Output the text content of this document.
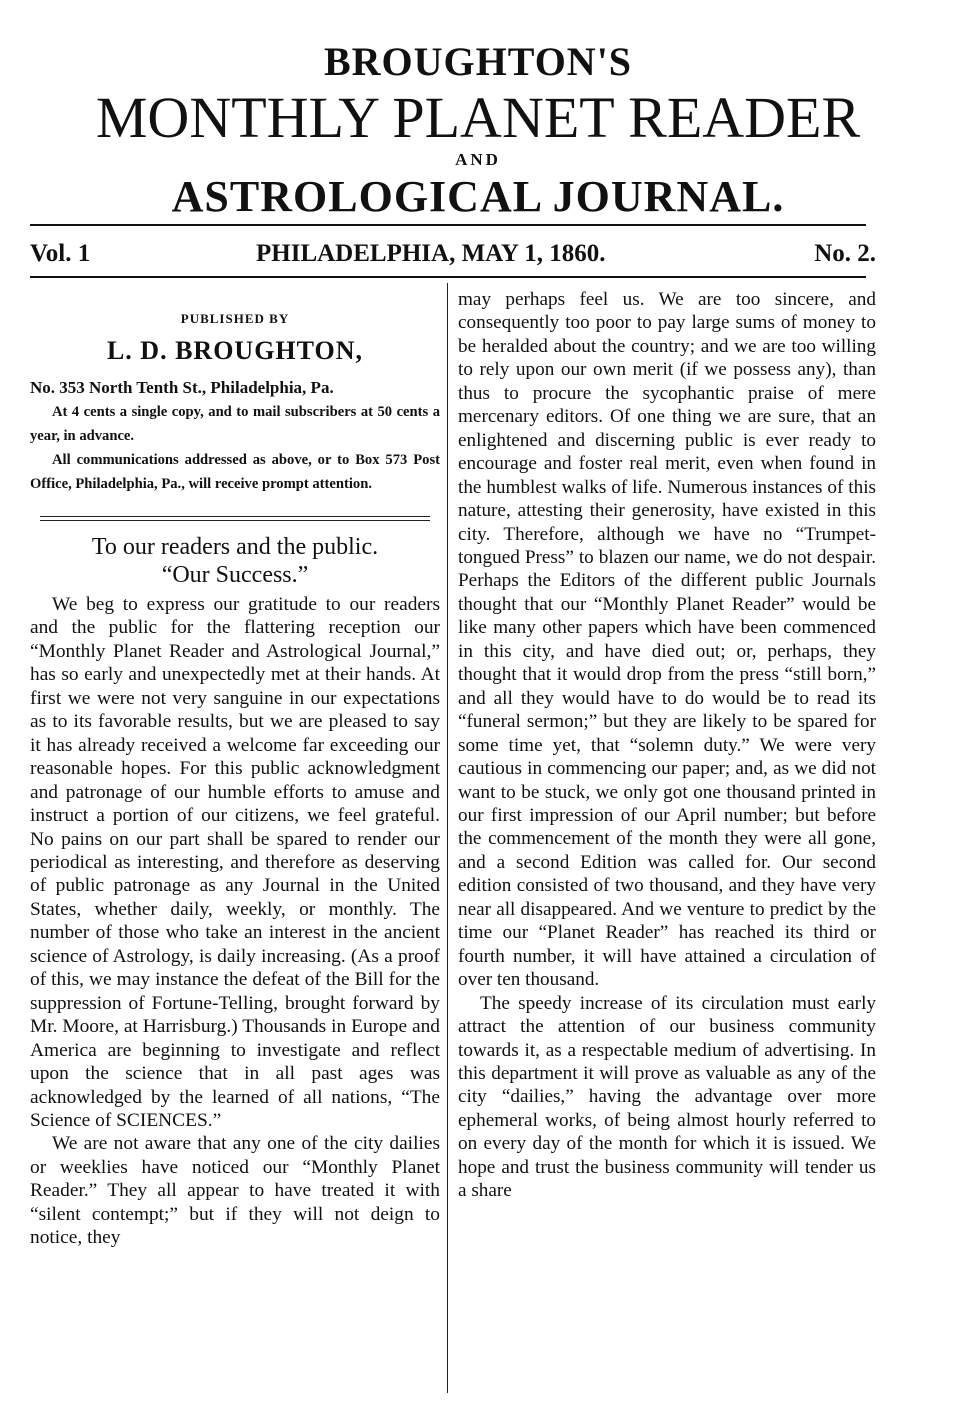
BROUGHTON'S
MONTHLY PLANET READER
AND
ASTROLOGICAL JOURNAL.
Vol. 1	PHILADELPHIA, MAY 1, 1860.	No. 2.
PUBLISHED BY
L. D. BROUGHTON,
No. 353 North Tenth St., Philadelphia, Pa.
At 4 cents a single copy, and to mail subscribers at 50 cents a year, in advance.
All communications addressed as above, or to Box 573 Post Office, Philadelphia, Pa., will receive prompt attention.
To our readers and the public.
“Our Success.”

We beg to express our gratitude to our readers and the public for the flattering reception our “Monthly Planet Reader and Astrological Journal,” has so early and unexpectedly met at their hands. At first we were not very sanguine in our expectations as to its favorable results, but we are pleased to say it has already received a welcome far exceeding our reasonable hopes. For this public acknowledgment and patronage of our humble efforts to amuse and instruct a portion of our citizens, we feel grateful. No pains on our part shall be spared to render our periodical as interesting, and therefore as deserving of public patronage as any Journal in the United States, whether daily, weekly, or monthly. The number of those who take an interest in the ancient science of Astrology, is daily increasing. (As a proof of this, we may instance the defeat of the Bill for the suppression of Fortune-Telling, brought forward by Mr. Moore, at Harrisburg.) Thousands in Europe and America are beginning to investigate and reflect upon the science that in all past ages was acknowledged by the learned of all nations, “The Science of SCIENCES.”

We are not aware that any one of the city dailies or weeklies have noticed our “Monthly Planet Reader.” They all appear to have treated it with “silent contempt;” but if they will not deign to notice, they

may perhaps feel us. We are too sincere, and consequently too poor to pay large sums of money to be heralded about the country; and we are too willing to rely upon our own merit (if we possess any), than thus to procure the sycophantic praise of mere mercenary editors. Of one thing we are sure, that an enlightened and discerning public is ever ready to encourage and foster real merit, even when found in the humblest walks of life. Numerous instances of this nature, attesting their generosity, have existed in this city. Therefore, although we have no “Trumpet-tongued Press” to blazen our name, we do not despair. Perhaps the Editors of the different public Journals thought that our “Monthly Planet Reader” would be like many other papers which have been commenced in this city, and have died out; or, perhaps, they thought that it would drop from the press “still born,” and all they would have to do would be to read its “funeral sermon;” but they are likely to be spared for some time yet, that “solemn duty.” We were very cautious in commencing our paper; and, as we did not want to be stuck, we only got one thousand printed in our first impression of our April number; but before the commencement of the month they were all gone, and a second Edition was called for. Our second edition consisted of two thousand, and they have very near all disappeared. And we venture to predict by the time our “Planet Reader” has reached its third or fourth number, it will have attained a circulation of over ten thousand.

The speedy increase of its circulation must early attract the attention of our business community towards it, as a respectable medium of advertising. In this department it will prove as valuable as any of the city “dailies,” having the advantage over more ephemeral works, of being almost hourly referred to on every day of the month for which it is issued. We hope and trust the business community will tender us a share
